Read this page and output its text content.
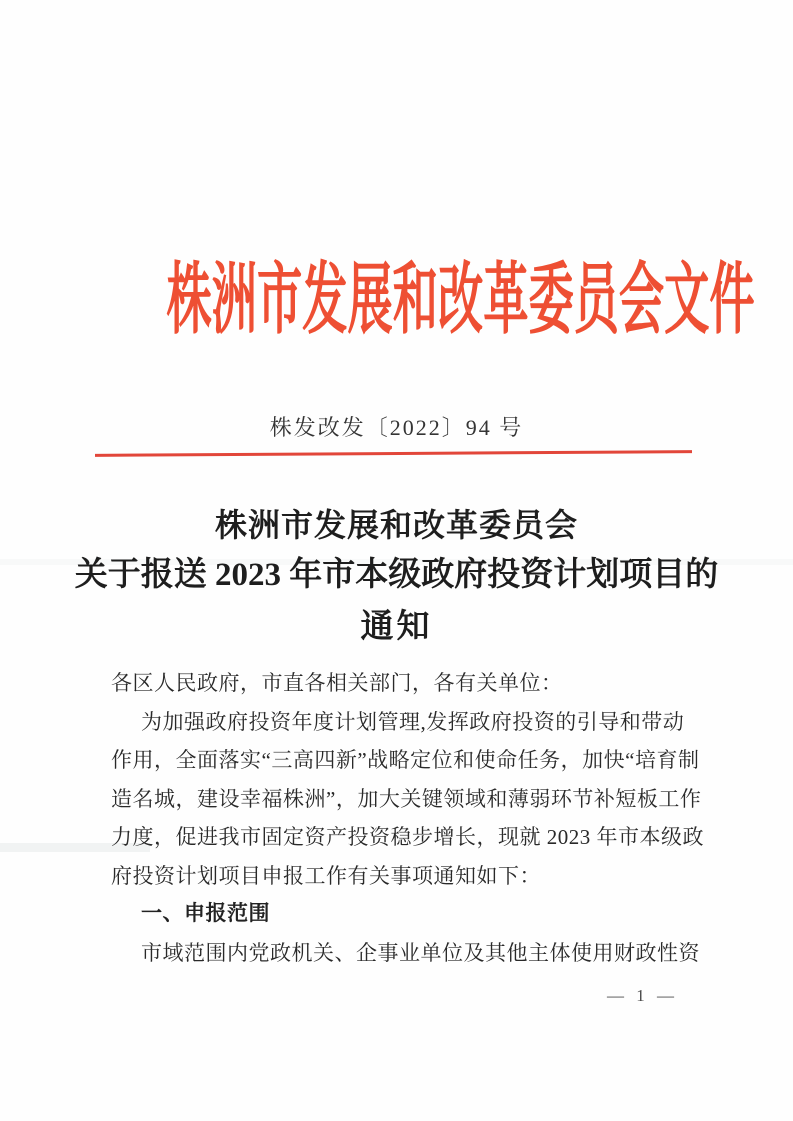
株洲市发展和改革委员会文件
株发改发〔2022〕94 号
株洲市发展和改革委员会
关于报送 2023 年市本级政府投资计划项目的
通知
各区人民政府，市直各相关部门，各有关单位：
为加强政府投资年度计划管理,发挥政府投资的引导和带动
作用，全面落实“三高四新”战略定位和使命任务，加快“培育制
造名城，建设幸福株洲”，加大关键领域和薄弱环节补短板工作
力度，促进我市固定资产投资稳步增长，现就 2023 年市本级政
府投资计划项目申报工作有关事项通知如下：
一、申报范围
市域范围内党政机关、企事业单位及其他主体使用财政性资
— 1 —
